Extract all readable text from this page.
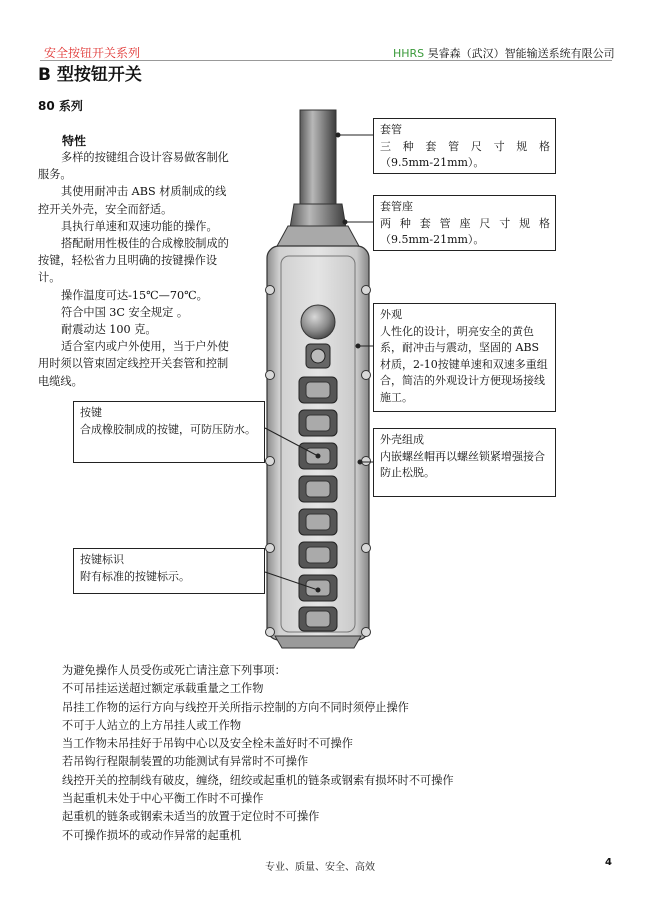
安全按钮开关系列	HHRS 昊睿森（武汉）智能输送系统有限公司
B 型按钮开关
80 系列
特性

多样的按键组合设计容易做客制化服务。

其使用耐冲击 ABS 材质制成的线控开关外壳，安全而舒适。

具执行单速和双速功能的操作。

搭配耐用性极佳的合成橡胶制成的按键，轻松省力且明确的按键操作设计。

操作温度可达-15℃—70℃。

符合中国 3C 安全规定 。

耐震动达 100 克。

适合室内或户外使用，当于户外使用时须以管束固定线控开关套管和控制电缆线。

套管
三 种 套 管 尺 寸 规 格
（9.5mm-21mm）。
套管座
两 种 套 管 座 尺 寸 规 格
（9.5mm-21mm）。
外观
人性化的设计，明亮安全的黄色系，耐冲击与震动，坚固的 ABS 材质，2-10按键单速和双速多重组合，简洁的外观设计方便现场接线施工。
外壳组成
内嵌螺丝帽再以螺丝锁紧增强接合防止松脱。
按键
合成橡胶制成的按键，可防压防水。
按键标识
附有标准的按键标示。
为避免操作人员受伤或死亡请注意下列事项：
不可吊挂运送超过额定承载重量之工作物
吊挂工作物的运行方向与线控开关所指示控制的方向不同时须停止操作
不可于人站立的上方吊挂人或工作物
当工作物未吊挂好于吊钩中心以及安全栓未盖好时不可操作
若吊钩行程限制装置的功能测试有异常时不可操作
线控开关的控制线有破皮，缠绕，纽绞或起重机的链条或钢索有损坏时不可操作
当起重机未处于中心平衡工作时不可操作
起重机的链条或钢索未适当的放置于定位时不可操作
不可操作损坏的或动作异常的起重机
专业、质量、安全、高效	4
